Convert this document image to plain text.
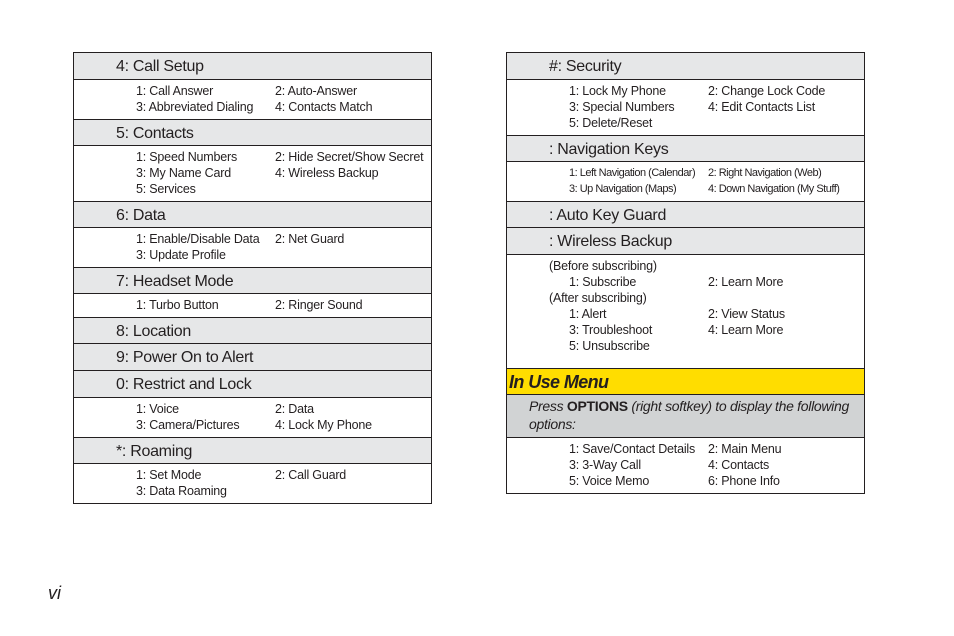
4: Call Setup
1: Call Answer	2: Auto-Answer
3: Abbreviated Dialing	4: Contacts Match
5: Contacts
1: Speed Numbers	2: Hide Secret/Show Secret
3: My Name Card	4: Wireless Backup
5: Services
6: Data
1: Enable/Disable Data	2: Net Guard
3: Update Profile
7: Headset Mode
1: Turbo Button	2: Ringer Sound
8: Location
9: Power On to Alert
0: Restrict and Lock
1: Voice	2: Data
3: Camera/Pictures	4: Lock My Phone
*: Roaming
1: Set Mode	2: Call Guard
3: Data Roaming
#: Security
1: Lock My Phone	2: Change Lock Code
3: Special Numbers	4: Edit Contacts List
5: Delete/Reset
: Navigation Keys
1: Left Navigation (Calendar)	2: Right Navigation (Web)
3: Up Navigation (Maps)	4: Down Navigation (My Stuff)
: Auto Key Guard
: Wireless Backup
(Before subscribing)
1: Subscribe	2: Learn More
(After subscribing)
1: Alert	2: View Status
3: Troubleshoot	4: Learn More
5: Unsubscribe
In Use Menu
Press OPTIONS (right softkey) to display the following options:
1: Save/Contact Details	2: Main Menu
3: 3-Way Call	4: Contacts
5: Voice Memo	6: Phone Info
vi
